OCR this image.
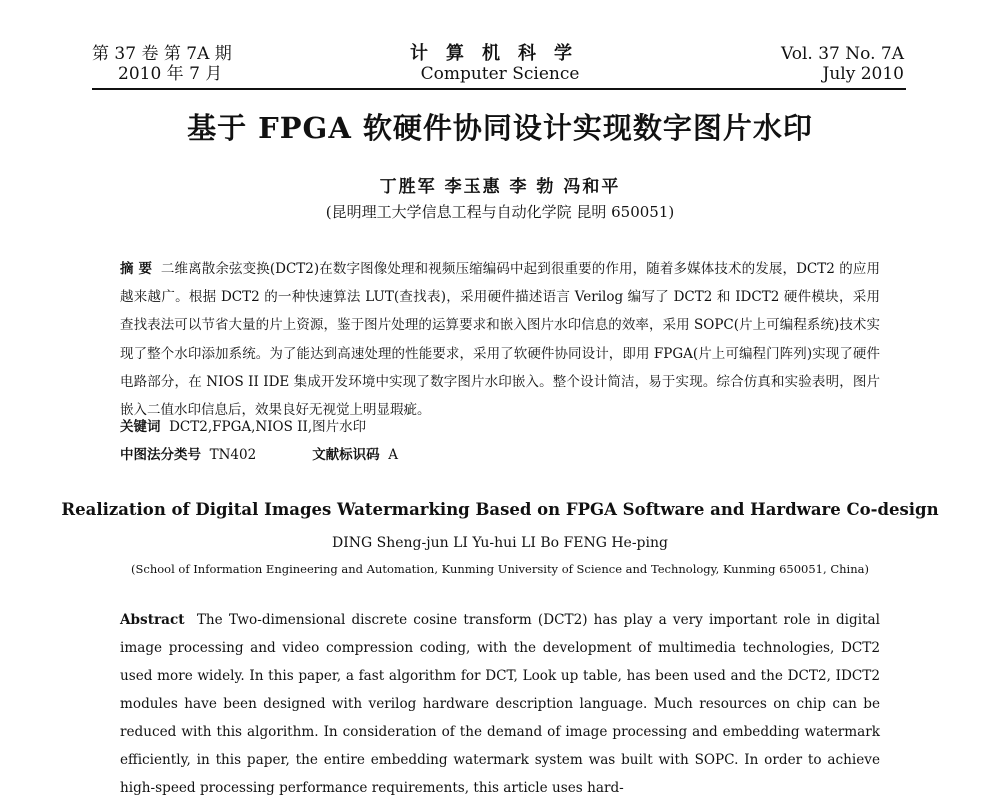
第 37 卷 第 7A 期
2010 年 7 月
计算机科学
Computer Science
Vol. 37 No. 7A
July 2010
基于 FPGA 软硬件协同设计实现数字图片水印
丁胜军 李玉惠 李 勃 冯和平
(昆明理工大学信息工程与自动化学院 昆明 650051)
摘 要 二维离散余弦变换(DCT2)在数字图像处理和视频压缩编码中起到很重要的作用，随着多媒体技术的发展，DCT2 的应用越来越广。根据 DCT2 的一种快速算法 LUT(查找表)，采用硬件描述语言 Verilog 编写了 DCT2 和 IDCT2 硬件模块，采用查找表法可以节省大量的片上资源，鉴于图片处理的运算要求和嵌入图片水印信息的效率，采用 SOPC(片上可编程系统)技术实现了整个水印添加系统。为了能达到高速处理的性能要求，采用了软硬件协同设计，即用 FPGA(片上可编程门阵列)实现了硬件电路部分，在 NIOS II IDE 集成开发环境中实现了数字图片水印嵌入。整个设计简洁，易于实现。综合仿真和实验表明，图片嵌入二值水印信息后，效果良好无视觉上明显瑕疵。
关键词 DCT2,FPGA,NIOS II,图片水印
中图法分类号 TN402	文献标识码 A
Realization of Digital Images Watermarking Based on FPGA Software and Hardware Co-design
DING Sheng-jun LI Yu-hui LI Bo FENG He-ping
(School of Information Engineering and Automation, Kunming University of Science and Technology, Kunming 650051, China)
Abstract The Two-dimensional discrete cosine transform (DCT2) has play a very important role in digital image processing and video compression coding, with the development of multimedia technologies, DCT2 used more widely. In this paper, a fast algorithm for DCT, Look up table, has been used and the DCT2, IDCT2 modules have been designed with verilog hardware description language. Much resources on chip can be reduced with this algorithm. In consideration of the demand of image processing and embedding watermark efficiently, in this paper, the entire embedding watermark system was built with SOPC. In order to achieve high-speed processing performance requirements, this article uses hard-
